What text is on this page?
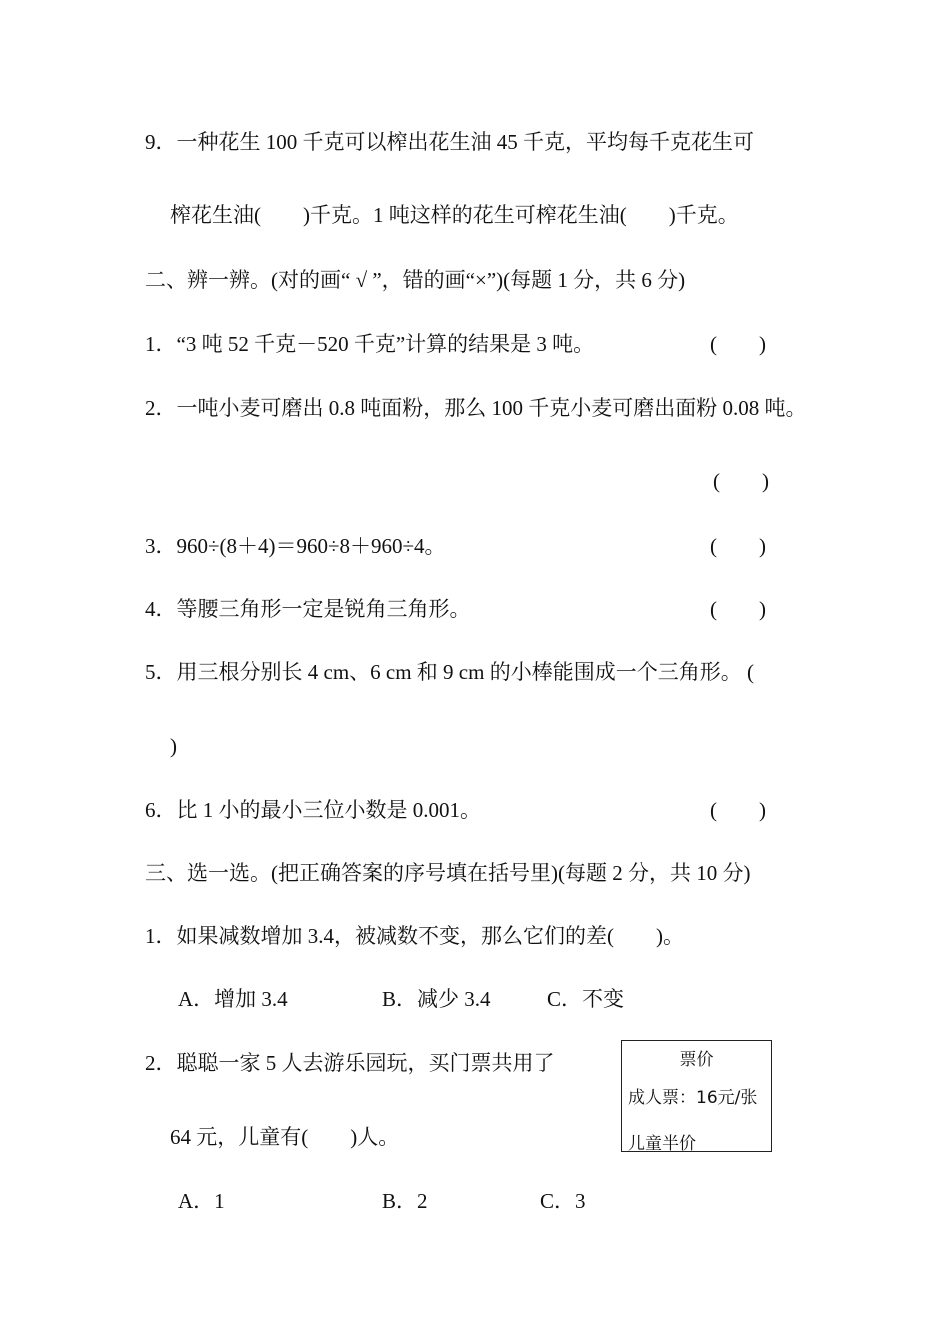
9．一种花生 100 千克可以榨出花生油 45 千克，平均每千克花生可
榨花生油(　　)千克。1 吨这样的花生可榨花生油(　　)千克。
二、辨一辨。(对的画“ √ ”，错的画“×”)(每题 1 分，共 6 分)
1．“3 吨 52 千克－520 千克”计算的结果是 3 吨。	(　　)
2．一吨小麦可磨出 0.8 吨面粉，那么 100 千克小麦可磨出面粉 0.08 吨。
(　　)
3．960÷(8＋4)＝960÷8＋960÷4。	(　　)
4．等腰三角形一定是锐角三角形。	(　　)
5．用三根分别长 4 cm、6 cm 和 9 cm 的小棒能围成一个三角形。 (
)
6．比 1 小的最小三位小数是 0.001。	(　　)
三、选一选。(把正确答案的序号填在括号里)(每题 2 分，共 10 分)
1．如果减数增加 3.4，被减数不变，那么它们的差(　　)。
A．增加 3.4	B．减少 3.4	C．不变
2．聪聪一家 5 人去游乐园玩，买门票共用了
64 元，儿童有(　　)人。
票价
成人票：16元/张
儿童半价
A．1	B．2	C．3
